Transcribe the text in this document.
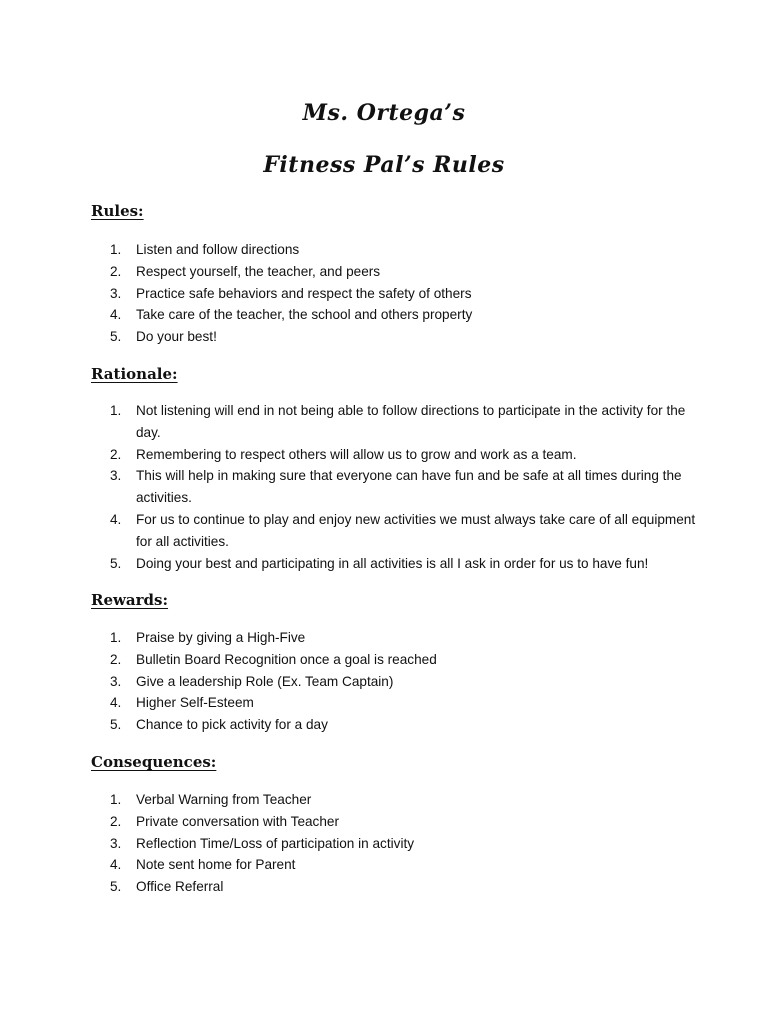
Ms. Ortega’s
Fitness Pal’s Rules
Rules:
1. Listen and follow directions
2. Respect yourself, the teacher, and peers
3. Practice safe behaviors and respect the safety of others
4. Take care of the teacher, the school and others property
5. Do your best!
Rationale:
1. Not listening will end in not being able to follow directions to participate in the activity for the day.
2. Remembering to respect others will allow us to grow and work as a team.
3. This will help in making sure that everyone can have fun and be safe at all times during the activities.
4. For us to continue to play and enjoy new activities we must always take care of all equipment for all activities.
5. Doing your best and participating in all activities is all I ask in order for us to have fun!
Rewards:
1. Praise by giving a High-Five
2. Bulletin Board Recognition once a goal is reached
3. Give a leadership Role (Ex. Team Captain)
4. Higher Self-Esteem
5. Chance to pick activity for a day
Consequences:
1. Verbal Warning from Teacher
2. Private conversation with Teacher
3. Reflection Time/Loss of participation in activity
4. Note sent home for Parent
5. Office Referral
